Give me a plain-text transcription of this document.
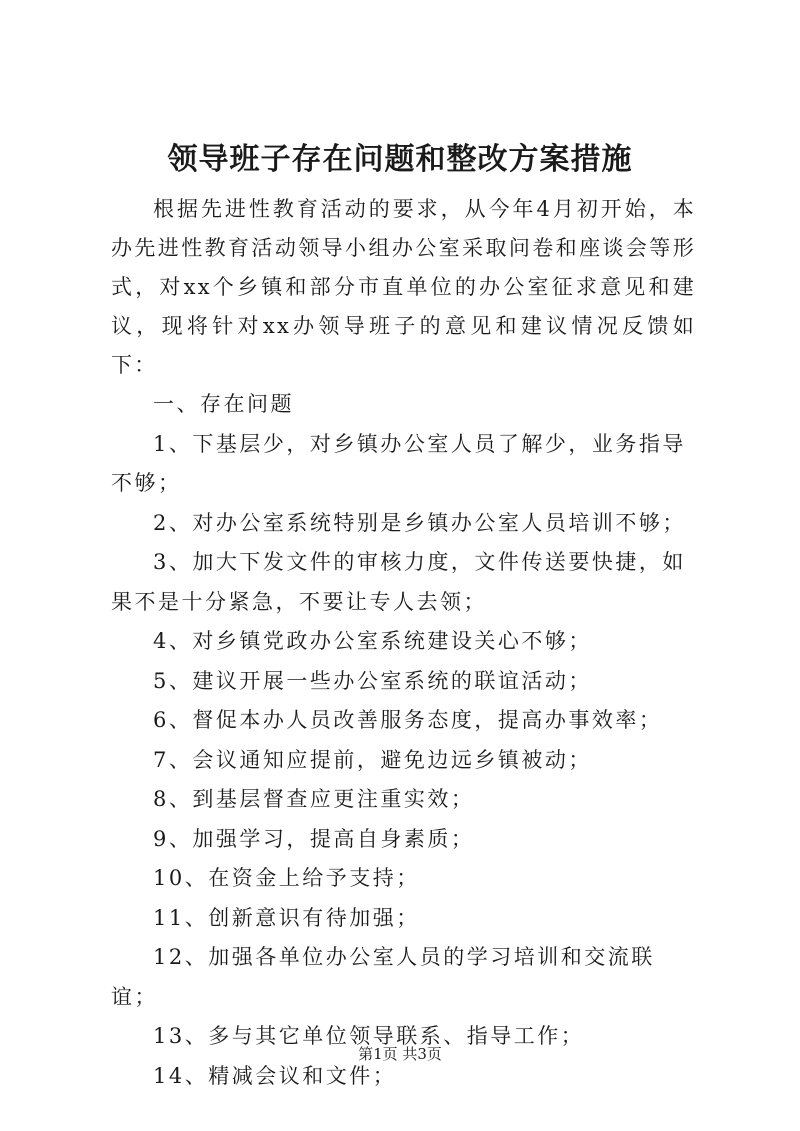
领导班子存在问题和整改方案措施

根据先进性教育活动的要求，从今年4月初开始，本办先进性教育活动领导小组办公室采取问卷和座谈会等形式，对xx个乡镇和部分市直单位的办公室征求意见和建议，现将针对xx办领导班子的意见和建议情况反馈如下：

一、存在问题

1、下基层少，对乡镇办公室人员了解少，业务指导不够；

2、对办公室系统特别是乡镇办公室人员培训不够；

3、加大下发文件的审核力度，文件传送要快捷，如果不是十分紧急，不要让专人去领；

4、对乡镇党政办公室系统建设关心不够；

5、建议开展一些办公室系统的联谊活动；

6、督促本办人员改善服务态度，提高办事效率；

7、会议通知应提前，避免边远乡镇被动；

8、到基层督查应更注重实效；

9、加强学习，提高自身素质；

10、在资金上给予支持；

11、创新意识有待加强；

12、加强各单位办公室人员的学习培训和交流联谊；

13、多与其它单位领导联系、指导工作；

14、精减会议和文件；

第1页 共3页
